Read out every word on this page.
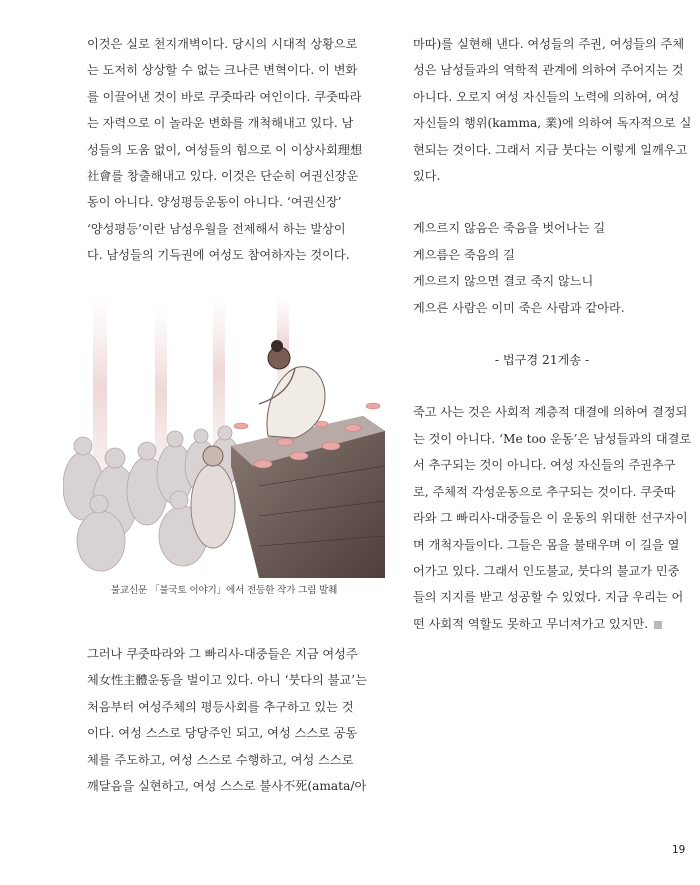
이것은 실로 천지개벽이다. 당시의 시대적 상황으로

는 도저히 상상할 수 없는 크나큰 변혁이다. 이 변화

를 이끌어낸 것이 바로 쿠줏따라 여인이다. 쿠줏따라

는 자력으로 이 놀라운 변화를 개척해내고 있다. 남

성들의 도움 없이, 여성들의 힘으로 이 이상사회理想

社會를 창출해내고 있다. 이것은 단순히 여권신장운

동이 아니다. 양성평등운동이 아니다. ‘여권신장’

‘양성평등’이란 남성우월을 전제해서 하는 발상이

다. 남성들의 기득권에 여성도 참여하자는 것이다.

불교신문 「불국토 이야기」에서 전등한 작가 그림 발췌

그러나 쿠줏따라와 그 빠리사-대중들은 지금 여성주

체女性主體운동을 벌이고 있다. 아니 ‘붓다의 불교’는

처음부터 여성주체의 평등사회를 추구하고 있는 것

이다. 여성 스스로 당당주인 되고, 여성 스스로 공동

체를 주도하고, 여성 스스로 수행하고, 여성 스스로

깨달음을 실현하고, 여성 스스로 불사不死(amata/아

마따)를 실현해 낸다. 여성들의 주권, 여성들의 주체

성은 남성들과의 역학적 관계에 의하여 주어지는 것

아니다. 오로지 여성 자신들의 노력에 의하여, 여성

자신들의 행위(kamma, 業)에 의하여 독자적으로 실

현되는 것이다. 그래서 지금 붓다는 이렇게 일깨우고

있다.

게으르지 않음은 죽음을 벗어나는 길

게으름은 죽음의 길

게으르지 않으면 결코 죽지 않느니

게으른 사람은 이미 죽은 사람과 같아라.

- 법구경 21게송 -

죽고 사는 것은 사회적 계층적 대결에 의하여 결정되

는 것이 아니다. ‘Me too 운동’은 남성들과의 대결로

서 추구되는 것이 아니다. 여성 자신들의 주권추구

로, 주체적 각성운동으로 추구되는 것이다. 쿠줏따

라와 그 빠리사-대중들은 이 운동의 위대한 선구자이

며 개척자들이다. 그들은 몸을 불태우며 이 길을 열

어가고 있다. 그래서 인도불교, 붓다의 불교가 민중

들의 지지를 받고 성공할 수 있었다. 지금 우리는 어

떤 사회적 역할도 못하고 무너져가고 있지만.

19
